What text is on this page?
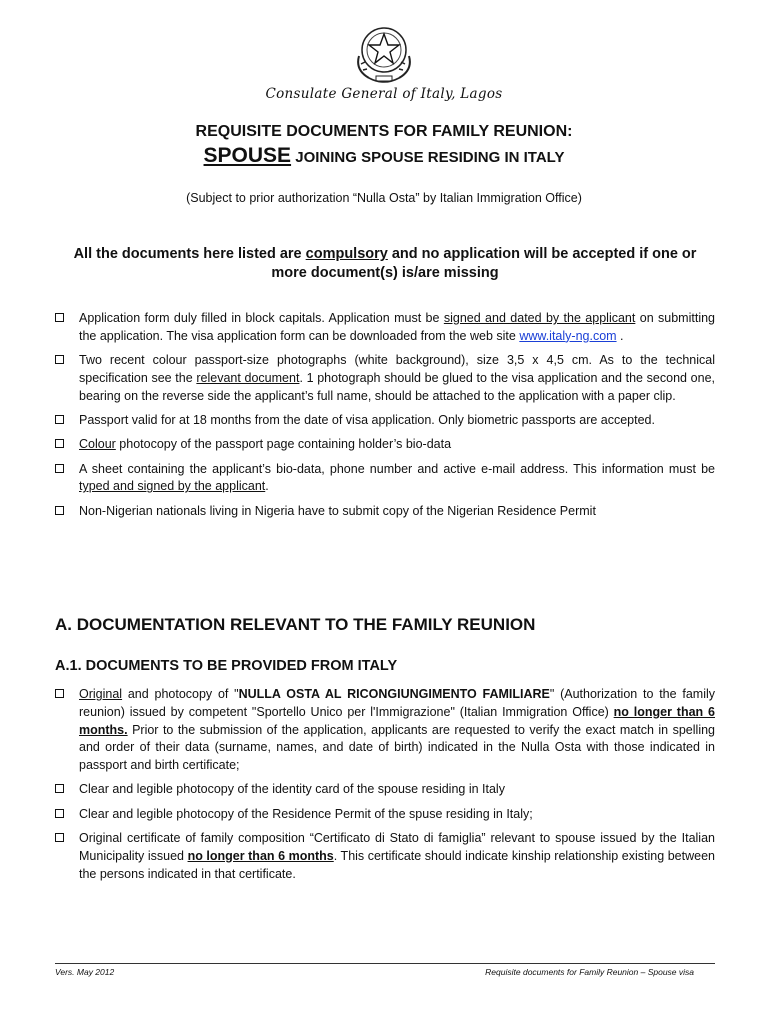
Consulate General of Italy, Lagos
REQUISITE DOCUMENTS FOR FAMILY REUNION:
SPOUSE JOINING SPOUSE RESIDING IN ITALY
(Subject to prior authorization “Nulla Osta” by Italian Immigration Office)
All the documents here listed are compulsory and no application will be accepted if one or more document(s) is/are missing
Application form duly filled in block capitals. Application must be signed and dated by the applicant on submitting the application. The visa application form can be downloaded from the web site www.italy-ng.com .
Two recent colour passport-size photographs (white background), size 3,5 x 4,5 cm. As to the technical specification see the relevant document. 1 photograph should be glued to the visa application and the second one, bearing on the reverse side the applicant’s full name, should be attached to the application with a paper clip.
Passport valid for at 18 months from the date of visa application. Only biometric passports are accepted.
Colour photocopy of the passport page containing holder’s bio-data
A sheet containing the applicant’s bio-data, phone number and active e-mail address. This information must be typed and signed by the applicant.
Non-Nigerian nationals living in Nigeria have to submit copy of the Nigerian Residence Permit
A. DOCUMENTATION RELEVANT TO THE FAMILY REUNION
A.1. DOCUMENTS TO BE PROVIDED FROM ITALY
Original and photocopy of "NULLA OSTA AL RICONGIUNGIMENTO FAMILIARE" (Authorization to the family reunion) issued by competent "Sportello Unico per l'Immigrazione" (Italian Immigration Office) no longer than 6 months. Prior to the submission of the application, applicants are requested to verify the exact match in spelling and order of their data (surname, names, and date of birth) indicated in the Nulla Osta with those indicated in passport and birth certificate;
Clear and legible photocopy of the identity card of the spouse residing in Italy
Clear and legible photocopy of the Residence Permit of the spuse residing in Italy;
Original certificate of family composition “Certificato di Stato di famiglia” relevant to spouse issued by the Italian Municipality issued no longer than 6 months. This certificate should indicate kinship relationship existing between the persons indicated in that certificate.
Vers. May 2012	Requisite documents for Family Reunion – Spouse visa
